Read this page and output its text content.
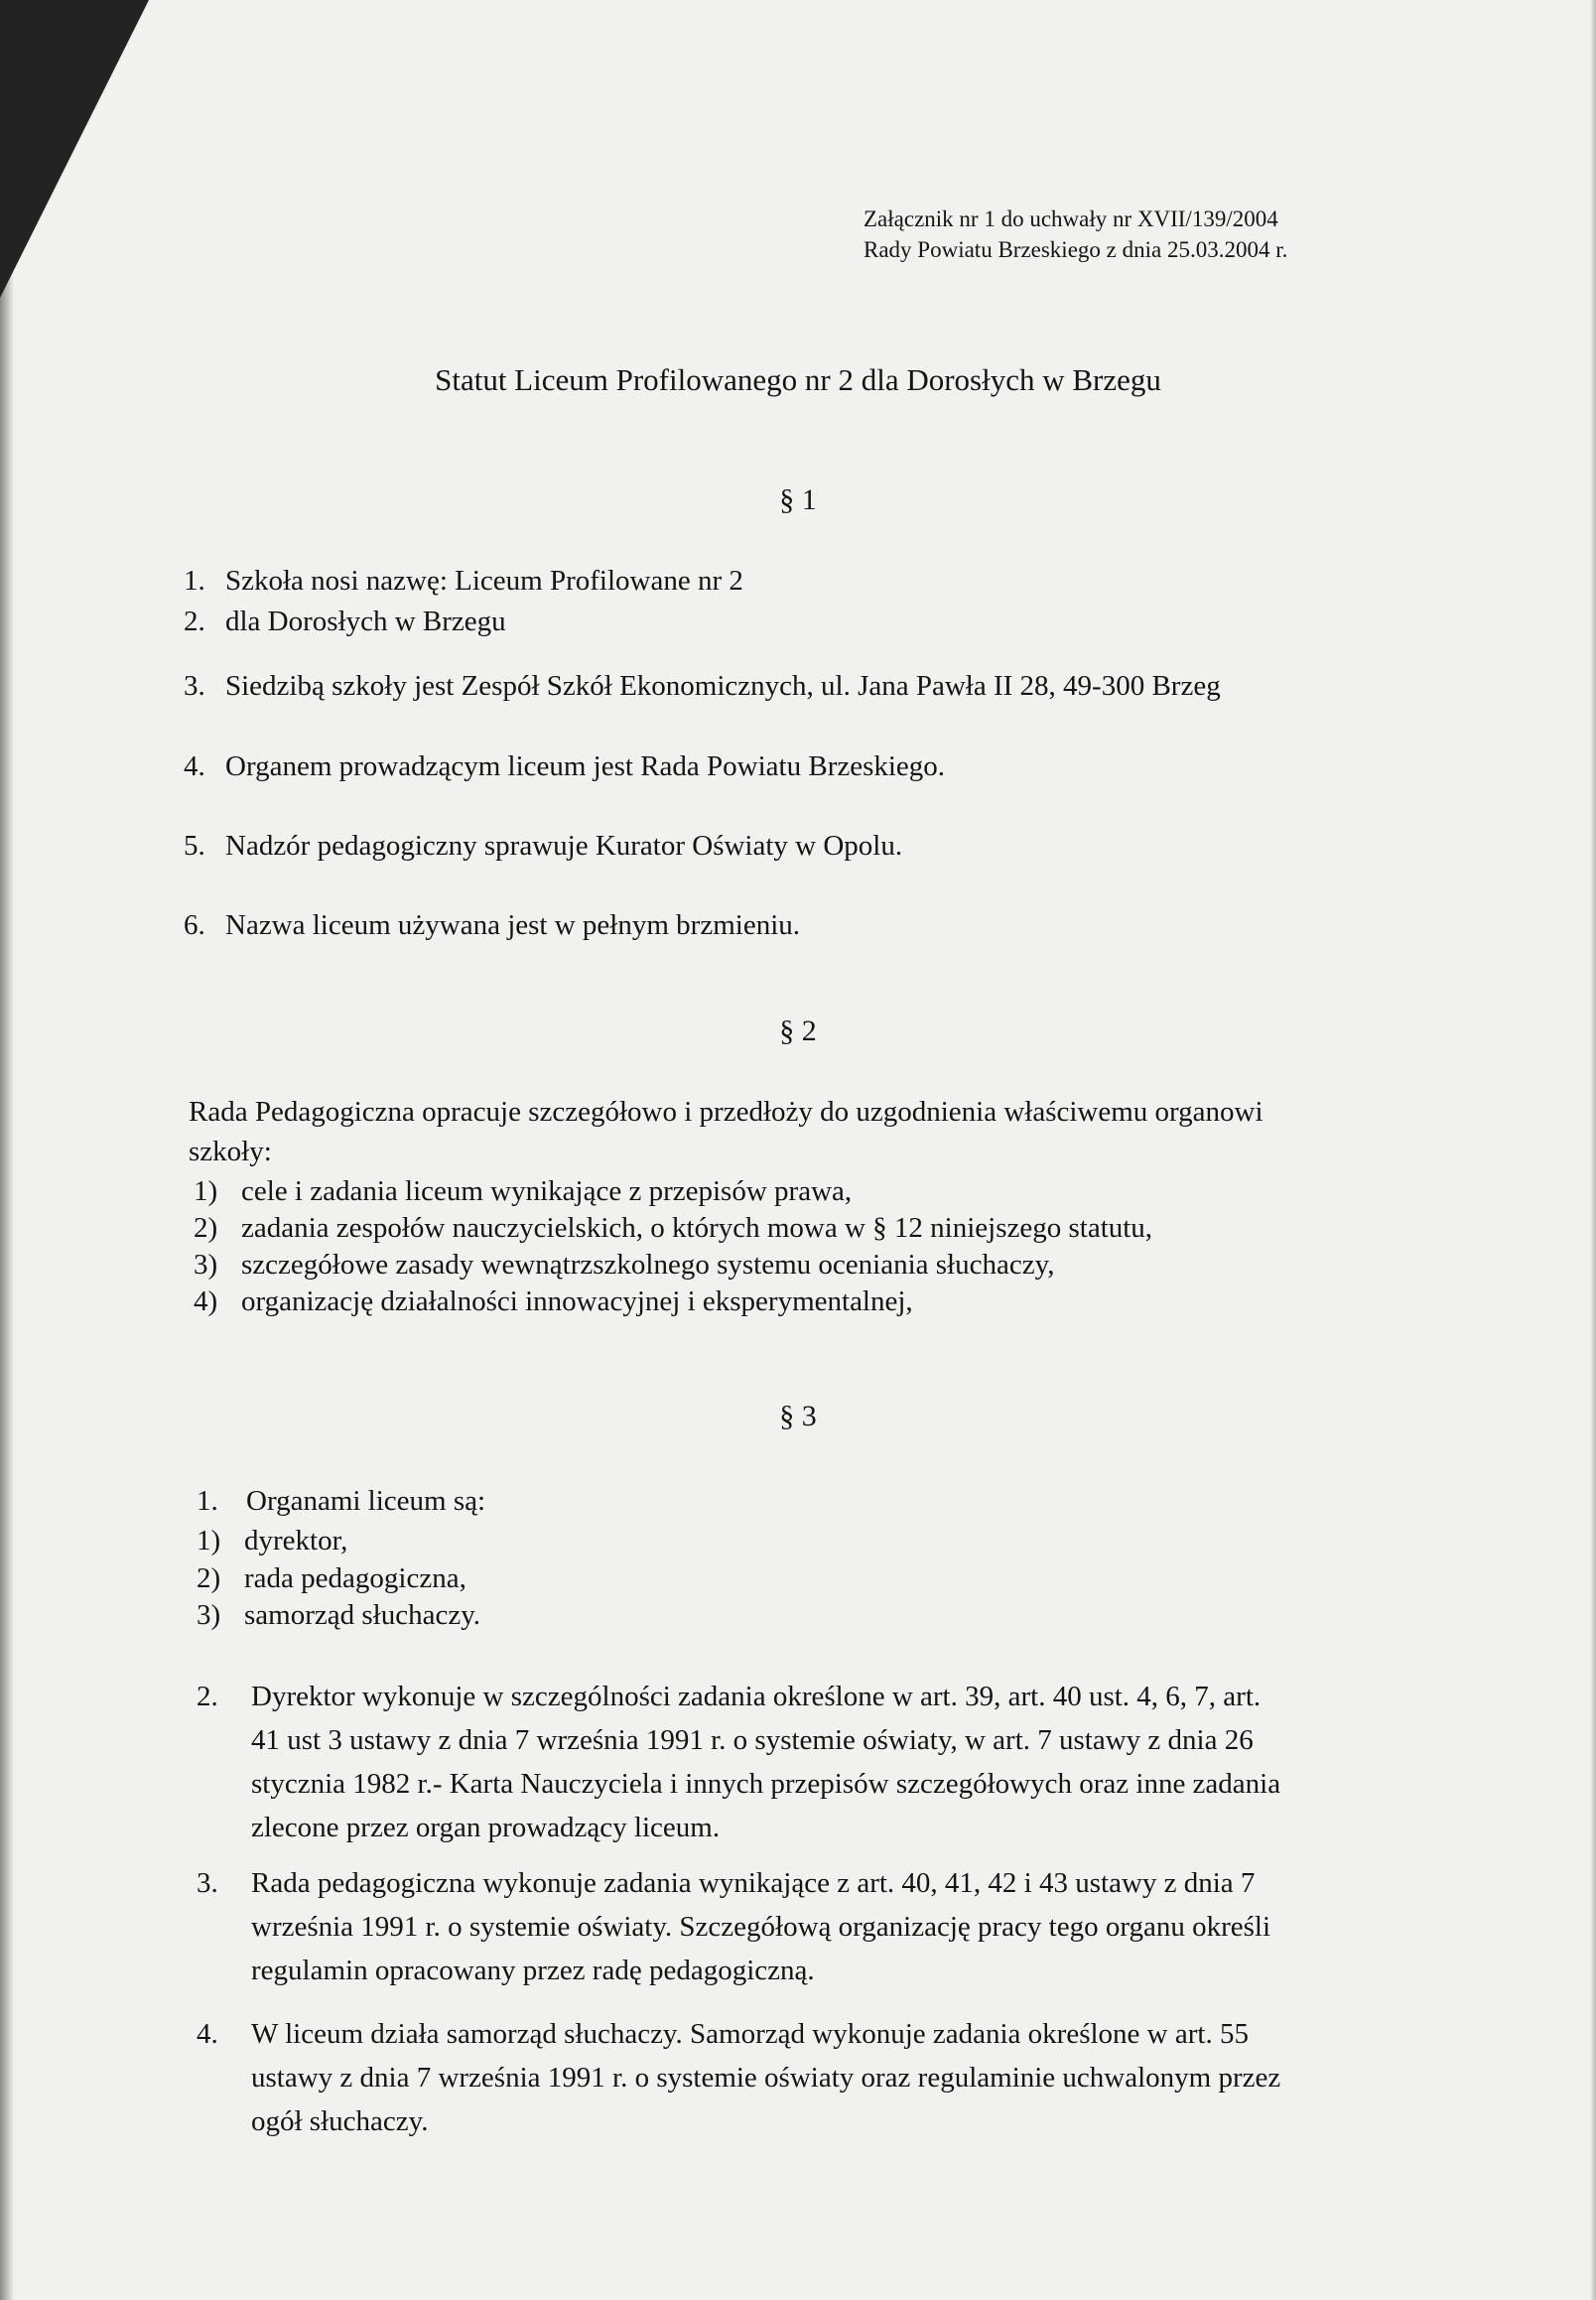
Załącznik nr 1 do uchwały nr XVII/139/2004
Rady Powiatu Brzeskiego z dnia 25.03.2004 r.
Statut Liceum Profilowanego nr 2 dla Dorosłych w Brzegu
§ 1
1. Szkoła nosi nazwę: Liceum Profilowane nr 2
2. dla Dorosłych w Brzegu
3. Siedzibą szkoły jest Zespół Szkół Ekonomicznych, ul. Jana Pawła II 28, 49-300 Brzeg
4. Organem prowadzącym liceum jest Rada Powiatu Brzeskiego.
5. Nadzór pedagogiczny sprawuje Kurator Oświaty w Opolu.
6. Nazwa liceum używana jest w pełnym brzmieniu.
§ 2
Rada Pedagogiczna opracuje szczegółowo i przedłoży do uzgodnienia właściwemu organowi
szkoły:
1) cele i zadania liceum wynikające z przepisów prawa,
2) zadania zespołów nauczycielskich, o których mowa w § 12 niniejszego statutu,
3) szczegółowe zasady wewnątrzszkolnego systemu oceniania słuchaczy,
4) organizację działalności innowacyjnej i eksperymentalnej,
§ 3
1. Organami liceum są:
1) dyrektor,
2) rada pedagogiczna,
3) samorząd słuchaczy.
2. Dyrektor wykonuje w szczególności zadania określone w art. 39, art. 40 ust. 4, 6, 7, art.
41 ust 3 ustawy z dnia 7 września 1991 r. o systemie oświaty, w art. 7 ustawy z dnia 26
stycznia 1982 r.- Karta Nauczyciela i innych przepisów szczegółowych oraz inne zadania
zlecone przez organ prowadzący liceum.
3. Rada pedagogiczna wykonuje zadania wynikające z art. 40, 41, 42 i 43 ustawy z dnia 7
września 1991 r. o systemie oświaty. Szczegółową organizację pracy tego organu określi
regulamin opracowany przez radę pedagogiczną.
4. W liceum działa samorząd słuchaczy. Samorząd wykonuje zadania określone w art. 55
ustawy z dnia 7 września 1991 r. o systemie oświaty oraz regulaminie uchwalonym przez
ogół słuchaczy.
